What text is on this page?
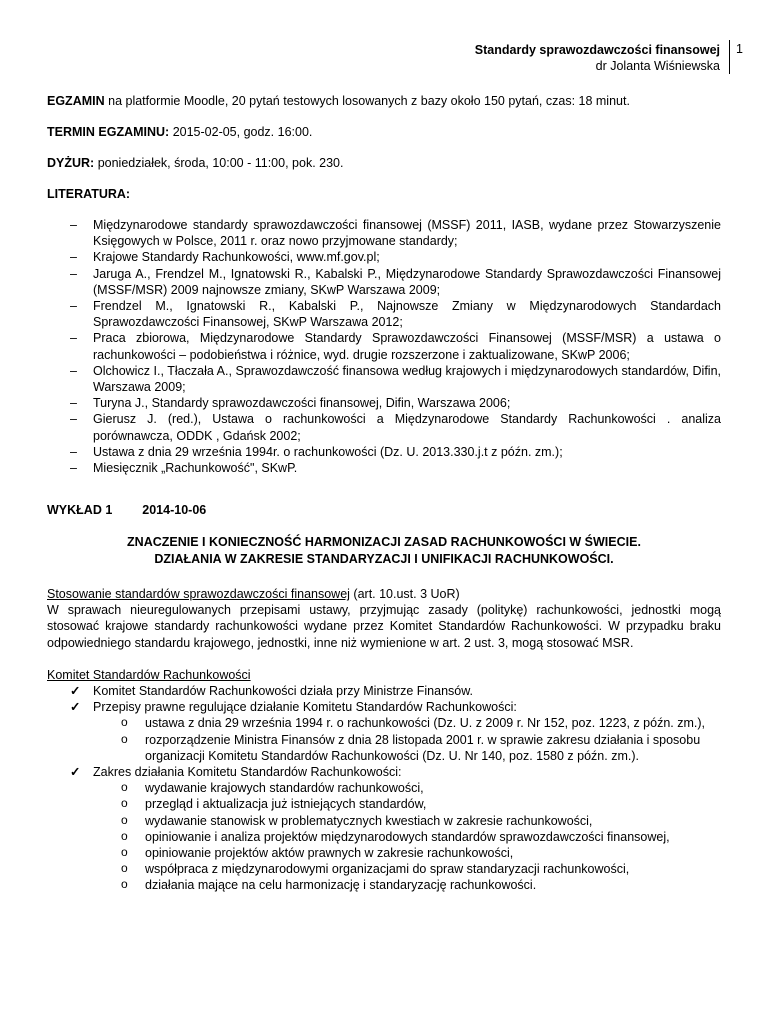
Standardy sprawozdawczości finansowej
dr Jolanta Wiśniewska
1
EGZAMIN na platformie Moodle, 20 pytań testowych losowanych z bazy około 150 pytań, czas: 18 minut.
TERMIN EGZAMINU: 2015-02-05, godz. 16:00.
DYŻUR: poniedziałek, środa, 10:00 - 11:00, pok. 230.
LITERATURA:
– Międzynarodowe standardy sprawozdawczości finansowej (MSSF) 2011, IASB, wydane przez Stowarzyszenie Księgowych w Polsce, 2011 r. oraz nowo przyjmowane standardy;
– Krajowe Standardy Rachunkowości, www.mf.gov.pl;
– Jaruga A., Frendzel M., Ignatowski R., Kabalski P., Międzynarodowe Standardy Sprawozdawczości Finansowej (MSSF/MSR) 2009 najnowsze zmiany, SKwP Warszawa 2009;
– Frendzel M., Ignatowski R., Kabalski P., Najnowsze Zmiany w Międzynarodowych Standardach Sprawozdawczości Finansowej, SKwP Warszawa 2012;
– Praca zbiorowa, Międzynarodowe Standardy Sprawozdawczości Finansowej (MSSF/MSR) a ustawa o rachunkowości – podobieństwa i różnice, wyd. drugie rozszerzone i zaktualizowane, SKwP 2006;
– Olchowicz I., Tłaczała A., Sprawozdawczość finansowa według krajowych i międzynarodowych standardów, Difin, Warszawa 2009;
– Turyna J., Standardy sprawozdawczości finansowej, Difin, Warszawa 2006;
– Gierusz J. (red.), Ustawa o rachunkowości a Międzynarodowe Standardy Rachunkowości . analiza porównawcza, ODDK , Gdańsk 2002;
– Ustawa z dnia 29 września 1994r. o rachunkowości (Dz. U. 2013.330.j.t z późn. zm.);
– Miesięcznik „Rachunkowość", SKwP.
WYKŁAD 1 2014-10-06
ZNACZENIE I KONIECZNOŚĆ HARMONIZACJI ZASAD RACHUNKOWOŚCI W ŚWIECIE.
DZIAŁANIA W ZAKRESIE STANDARYZACJI I UNIFIKACJI RACHUNKOWOŚCI.
Stosowanie standardów sprawozdawczości finansowej (art. 10.ust. 3 UoR)
W sprawach nieuregulowanych przepisami ustawy, przyjmując zasady (politykę) rachunkowości, jednostki mogą stosować krajowe standardy rachunkowości wydane przez Komitet Standardów Rachunkowości. W przypadku braku odpowiedniego standardu krajowego, jednostki, inne niż wymienione w art. 2 ust. 3, mogą stosować MSR.
Komitet Standardów Rachunkowości
✓ Komitet Standardów Rachunkowości działa przy Ministrze Finansów.
✓ Przepisy prawne regulujące działanie Komitetu Standardów Rachunkowości:
o ustawa z dnia 29 września 1994 r. o rachunkowości (Dz. U. z 2009 r. Nr 152, poz. 1223, z późn. zm.),
o rozporządzenie Ministra Finansów z dnia 28 listopada 2001 r. w sprawie zakresu działania i sposobu organizacji Komitetu Standardów Rachunkowości (Dz. U. Nr 140, poz. 1580 z późn. zm.).
✓ Zakres działania Komitetu Standardów Rachunkowości:
o wydawanie krajowych standardów rachunkowości,
o przegląd i aktualizacja już istniejących standardów,
o wydawanie stanowisk w problematycznych kwestiach w zakresie rachunkowości,
o opiniowanie i analiza projektów międzynarodowych standardów sprawozdawczości finansowej,
o opiniowanie projektów aktów prawnych w zakresie rachunkowości,
o współpraca z międzynarodowymi organizacjami do spraw standaryzacji rachunkowości,
o działania mające na celu harmonizację i standaryzację rachunkowości.
